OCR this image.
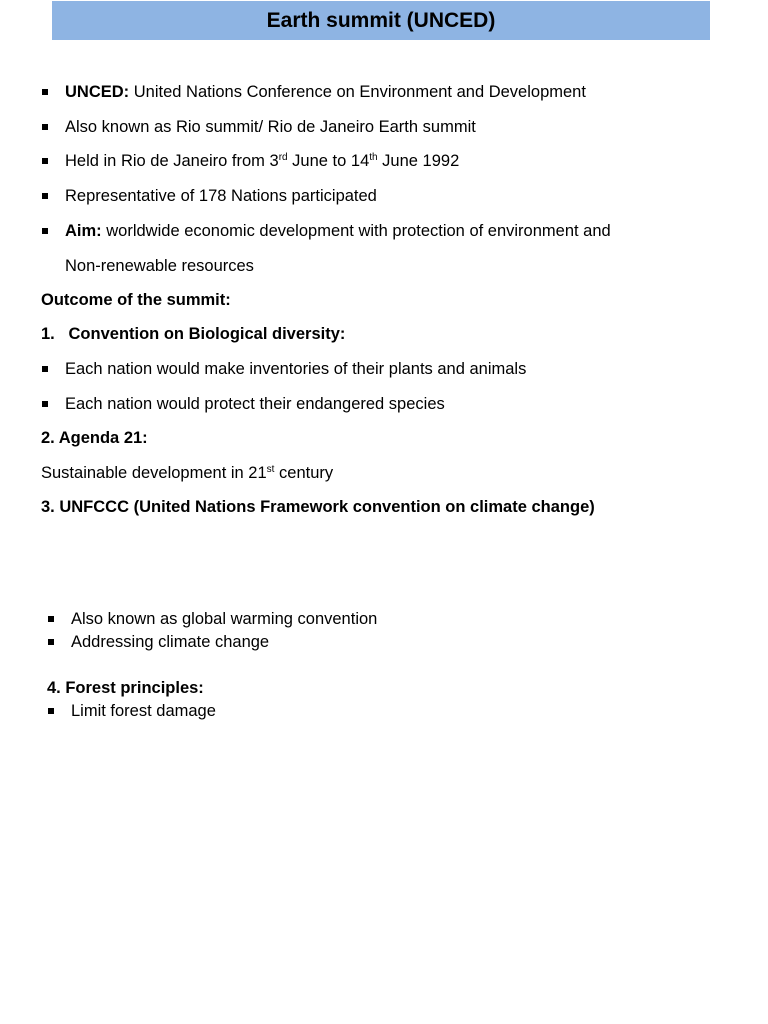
Earth summit (UNCED)
UNCED: United Nations Conference on Environment and Development
Also known as Rio summit/ Rio de Janeiro Earth summit
Held in Rio de Janeiro from 3rd June to 14th June 1992
Representative of 178 Nations participated
Aim: worldwide economic development with protection of environment and
Non-renewable resources
Outcome of the summit:
1.   Convention on Biological diversity:
Each nation would make inventories of their plants and animals
Each nation would protect their endangered species
2. Agenda 21:
Sustainable development in 21st century
3. UNFCCC (United Nations Framework convention on climate change)
Also known as global warming convention
Addressing climate change
4. Forest principles:
Limit forest damage
